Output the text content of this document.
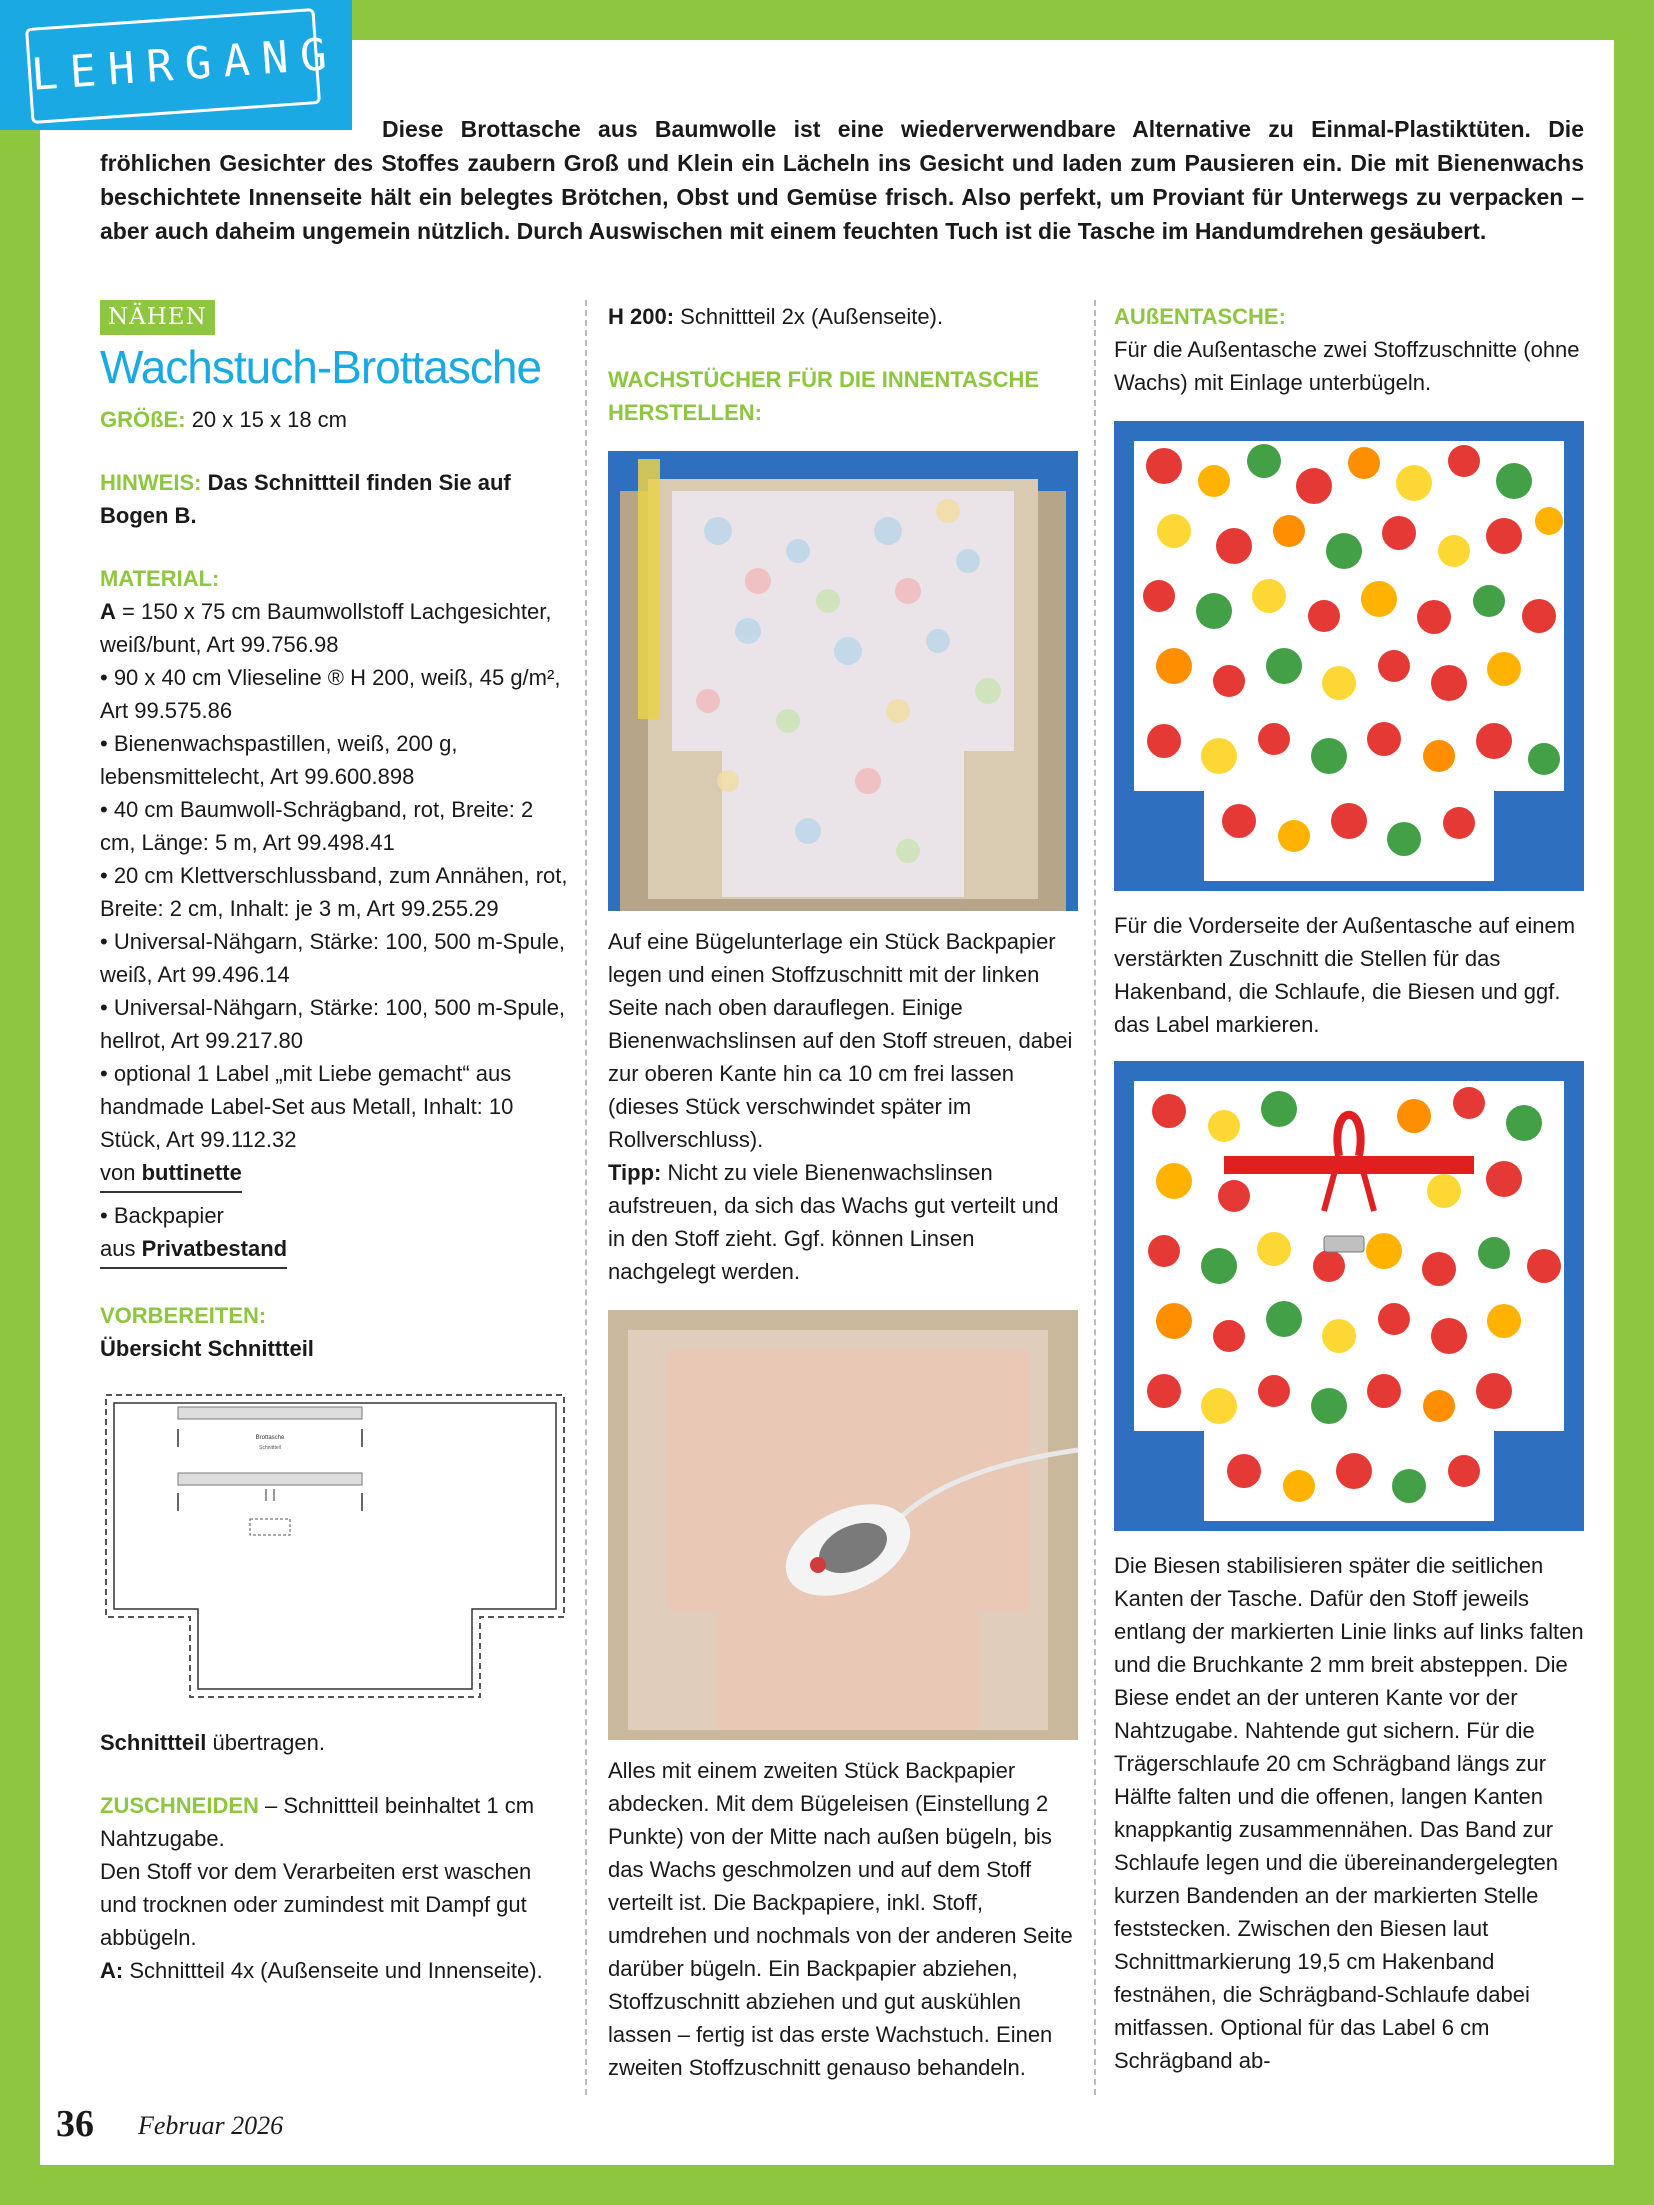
LEHRGANG

Diese Brottasche aus Baumwolle ist eine wiederverwendbare Alternative zu Einmal-Plastiktüten. Die fröhlichen Gesichter des Stoffes zaubern Groß und Klein ein Lächeln ins Gesicht und laden zum Pausieren ein. Die mit Bienenwachs beschichtete Innenseite hält ein belegtes Brötchen, Obst und Gemüse frisch. Also perfekt, um Proviant für Unterwegs zu verpacken – aber auch daheim ungemein nützlich. Durch Auswischen mit einem feuchten Tuch ist die Tasche im Handumdrehen gesäubert.

NÄHEN
Wachstuch-Brottasche

GRÖßE: 20 x 15 x 18 cm

HINWEIS: Das Schnittteil finden Sie auf Bogen B.

MATERIAL:

A = 150 x 75 cm Baumwollstoff Lachgesichter, weiß/bunt, Art 99.756.98

• 90 x 40 cm Vlieseline ® H 200, weiß, 45 g/m², Art 99.575.86

• Bienenwachspastillen, weiß, 200 g, lebensmittelecht, Art 99.600.898

• 40 cm Baumwoll-Schrägband, rot, Breite: 2 cm, Länge: 5 m, Art 99.498.41

• 20 cm Klettverschlussband, zum Annähen, rot, Breite: 2 cm, Inhalt: je 3 m, Art 99.255.29

• Universal-Nähgarn, Stärke: 100, 500 m-Spule, weiß, Art 99.496.14

• Universal-Nähgarn, Stärke: 100, 500 m-Spule, hellrot, Art 99.217.80

• optional 1 Label „mit Liebe gemacht“ aus handmade Label-Set aus Metall, Inhalt: 10 Stück, Art 99.112.32

von buttinette

• Backpapier

aus Privatbestand

VORBEREITEN:

Übersicht Schnittteil

Brottasche
Schnittteil

Schnittteil übertragen.

ZUSCHNEIDEN – Schnittteil beinhaltet 1 cm Nahtzugabe.

Den Stoff vor dem Verarbeiten erst waschen und trocknen oder zumindest mit Dampf gut abbügeln.

A: Schnittteil 4x (Außenseite und Innenseite).

H 200: Schnittteil 2x (Außenseite).

WACHSTÜCHER FÜR DIE INNENTASCHE HERSTELLEN:

Auf eine Bügelunterlage ein Stück Backpapier legen und einen Stoffzuschnitt mit der linken Seite nach oben darauflegen. Einige Bienenwachslinsen auf den Stoff streuen, dabei zur oberen Kante hin ca 10 cm frei lassen (dieses Stück verschwindet später im Rollverschluss).

Tipp: Nicht zu viele Bienenwachslinsen aufstreuen, da sich das Wachs gut verteilt und in den Stoff zieht. Ggf. können Linsen nachgelegt werden.

Alles mit einem zweiten Stück Backpapier abdecken. Mit dem Bügeleisen (Einstellung 2 Punkte) von der Mitte nach außen bügeln, bis das Wachs geschmolzen und auf dem Stoff verteilt ist. Die Backpapiere, inkl. Stoff, umdrehen und nochmals von der anderen Seite darüber bügeln. Ein Backpapier abziehen, Stoffzuschnitt abziehen und gut auskühlen lassen – fertig ist das erste Wachstuch. Einen zweiten Stoffzuschnitt genauso behandeln.

AUßENTASCHE:

Für die Außentasche zwei Stoffzuschnitte (ohne Wachs) mit Einlage unterbügeln.

Für die Vorderseite der Außentasche auf einem verstärkten Zuschnitt die Stellen für das Hakenband, die Schlaufe, die Biesen und ggf. das Label markieren.

Die Biesen stabilisieren später die seitlichen Kanten der Tasche. Dafür den Stoff jeweils entlang der markierten Linie links auf links falten und die Bruchkante 2 mm breit absteppen. Die Biese endet an der unteren Kante vor der Nahtzugabe. Nahtende gut sichern. Für die Trägerschlaufe 20 cm Schrägband längs zur Hälfte falten und die offenen, langen Kanten knappkantig zusammennähen. Das Band zur Schlaufe legen und die übereinandergelegten kurzen Bandenden an der markierten Stelle feststecken. Zwischen den Biesen laut Schnittmarkierung 19,5 cm Hakenband festnähen, die Schrägband-Schlaufe dabei mitfassen. Optional für das Label 6 cm Schrägband ab-

36 Februar 2026
